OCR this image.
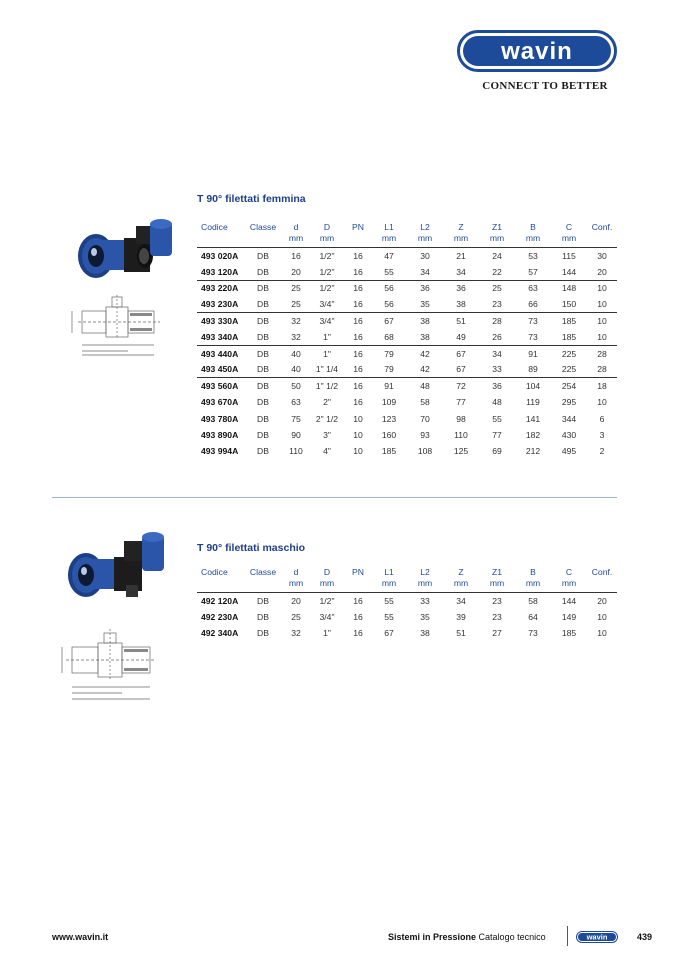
wavin
CONNECT TO BETTER
T 90° filettati femmina
Codice	Classe	d	D	PN	L1	L2	Z	Z1	B	C	Conf.
		mm	mm		mm	mm	mm	mm	mm	mm	
493 020A	DB	16	1/2"	16	47	30	21	24	53	115	30
493 120A	DB	20	1/2"	16	55	34	34	22	57	144	20
493 220A	DB	25	1/2"	16	56	36	36	25	63	148	10
493 230A	DB	25	3/4"	16	56	35	38	23	66	150	10
493 330A	DB	32	3/4"	16	67	38	51	28	73	185	10
493 340A	DB	32	1"	16	68	38	49	26	73	185	10
493 440A	DB	40	1"	16	79	42	67	34	91	225	28
493 450A	DB	40	1" 1/4	16	79	42	67	33	89	225	28
493 560A	DB	50	1" 1/2	16	91	48	72	36	104	254	18
493 670A	DB	63	2"	16	109	58	77	48	119	295	10
493 780A	DB	75	2" 1/2	10	123	70	98	55	141	344	6
493 890A	DB	90	3"	10	160	93	110	77	182	430	3
493 994A	DB	110	4"	10	185	108	125	69	212	495	2
T 90° filettati maschio
Codice	Classe	d	D	PN	L1	L2	Z	Z1	B	C	Conf.
		mm	mm		mm	mm	mm	mm	mm	mm	
492 120A	DB	20	1/2"	16	55	33	34	23	58	144	20
492 230A	DB	25	3/4"	16	55	35	39	23	64	149	10
492 340A	DB	32	1"	16	67	38	51	27	73	185	10
www.wavin.it	Sistemi in Pressione Catalogo tecnico	wavin	439
